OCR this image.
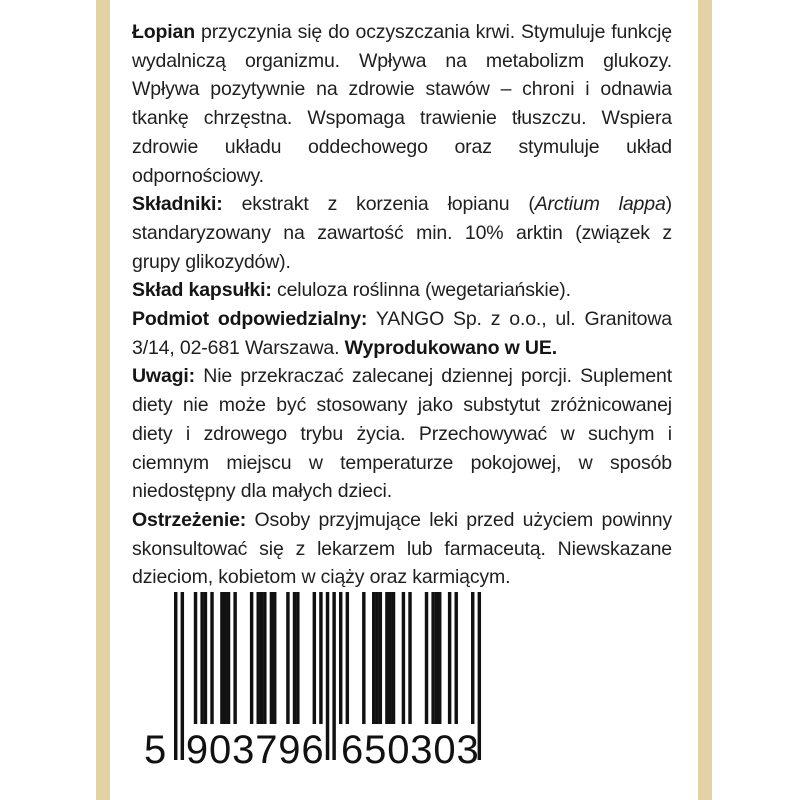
Łopian przyczynia się do oczyszczania krwi. Stymuluje funkcję wydalniczą organizmu. Wpływa na metabolizm glukozy. Wpływa pozytywnie na zdrowie stawów – chroni i odnawia tkankę chrzęstna. Wspomaga trawienie tłuszczu. Wspiera zdrowie układu oddechowego oraz stymuluje układ odpornościowy.

Składniki: ekstrakt z korzenia łopianu (Arctium lappa) standaryzowany na zawartość min. 10% arktin (związek z grupy glikozydów).

Skład kapsułki: celuloza roślinna (wegetariańskie).

Podmiot odpowiedzialny: YANGO Sp. z o.o., ul. Granitowa 3/14, 02-681 Warszawa. Wyprodukowano w UE.

Uwagi: Nie przekraczać zalecanej dziennej porcji. Suplement diety nie może być stosowany jako substytut zróżnicowanej diety i zdrowego trybu życia. Przechowywać w suchym i ciemnym miejscu w temperaturze pokojowej, w sposób niedostępny dla małych dzieci.

Ostrzeżenie: Osoby przyjmujące leki przed użyciem powinny skonsultować się z lekarzem lub farmaceutą. Niewskazane dzieciom, kobietom w ciąży oraz karmiącym.

5 9 0 3 7 9 6 6 5 0 3 0 3
